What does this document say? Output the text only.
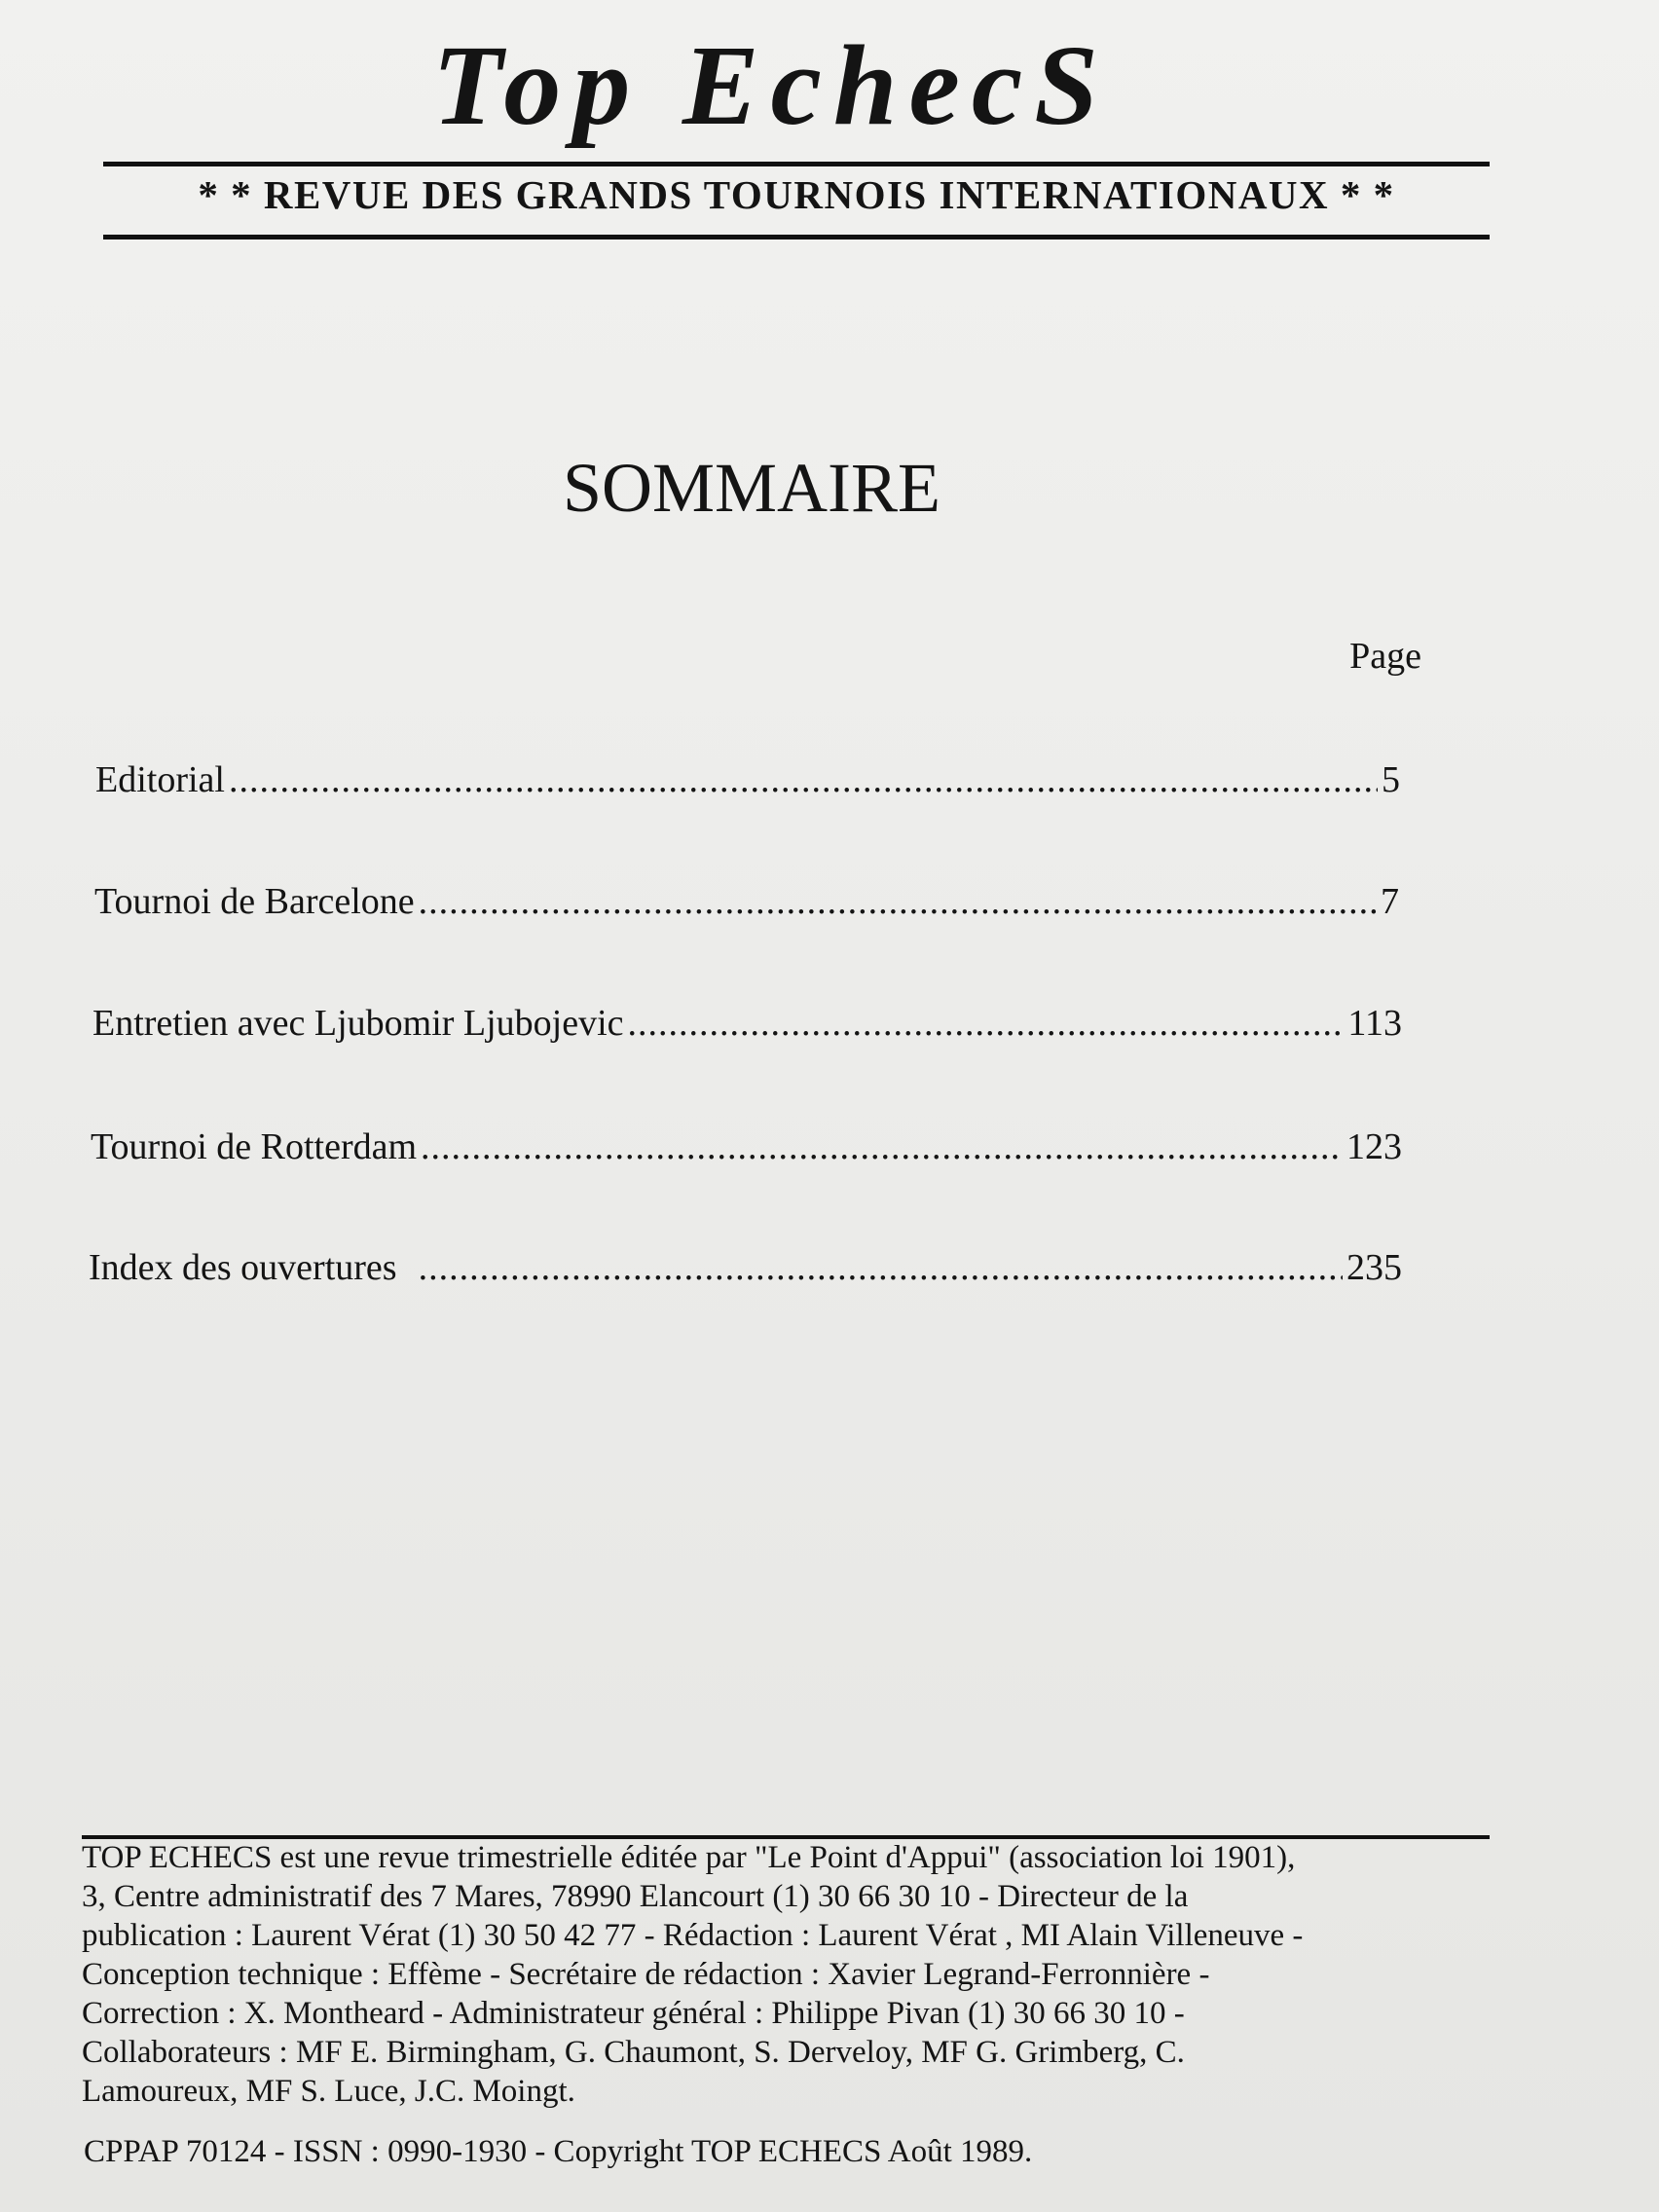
Top EchecS
* * REVUE DES GRANDS TOURNOIS INTERNATIONAUX * *
SOMMAIRE
Page
Editorial .....	5
Tournoi de Barcelone .....	7
Entretien avec Ljubomir Ljubojevic .....	113
Tournoi de Rotterdam .....	123
Index des ouvertures .....	235
TOP ECHECS est une revue trimestrielle éditée par "Le Point d'Appui" (association loi 1901),
3, Centre administratif des 7 Mares, 78990 Elancourt (1) 30 66 30 10 - Directeur de la
publication : Laurent Vérat (1) 30 50 42 77 - Rédaction : Laurent Vérat , MI Alain Villeneuve -
Conception technique : Effème - Secrétaire de rédaction : Xavier Legrand-Ferronnière -
Correction : X. Montheard - Administrateur général : Philippe Pivan (1) 30 66 30 10 -
Collaborateurs : MF E. Birmingham, G. Chaumont, S. Derveloy, MF G. Grimberg, C.
Lamoureux, MF S. Luce, J.C. Moingt.
CPPAP 70124 - ISSN : 0990-1930 - Copyright TOP ECHECS Août 1989.
